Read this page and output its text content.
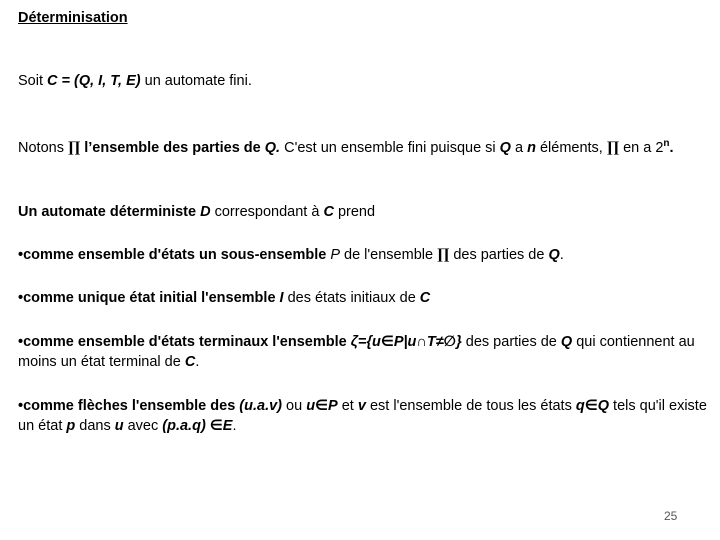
Déterminisation
Soit C = (Q, I, T, E) un automate fini.
Notons ∏ l’ensemble des parties de Q. C'est un ensemble fini puisque si Q a n éléments, ∏ en a 2$^n$.
Un automate déterministe D correspondant à C prend
•comme ensemble d'états un sous-ensemble P de l'ensemble ∏ des parties de Q.
•comme unique état initial l'ensemble I des états initiaux de C
•comme ensemble d'états terminaux l'ensemble ζ={u∈P|u∩T≠∅} des parties de Q qui contiennent au moins un état terminal de C.
•comme flèches l'ensemble des (u.a.v) ou u∈P et v est l'ensemble de tous les états q∈Q tels qu'il existe un état p dans u avec (p.a.q) ∈E.
25
